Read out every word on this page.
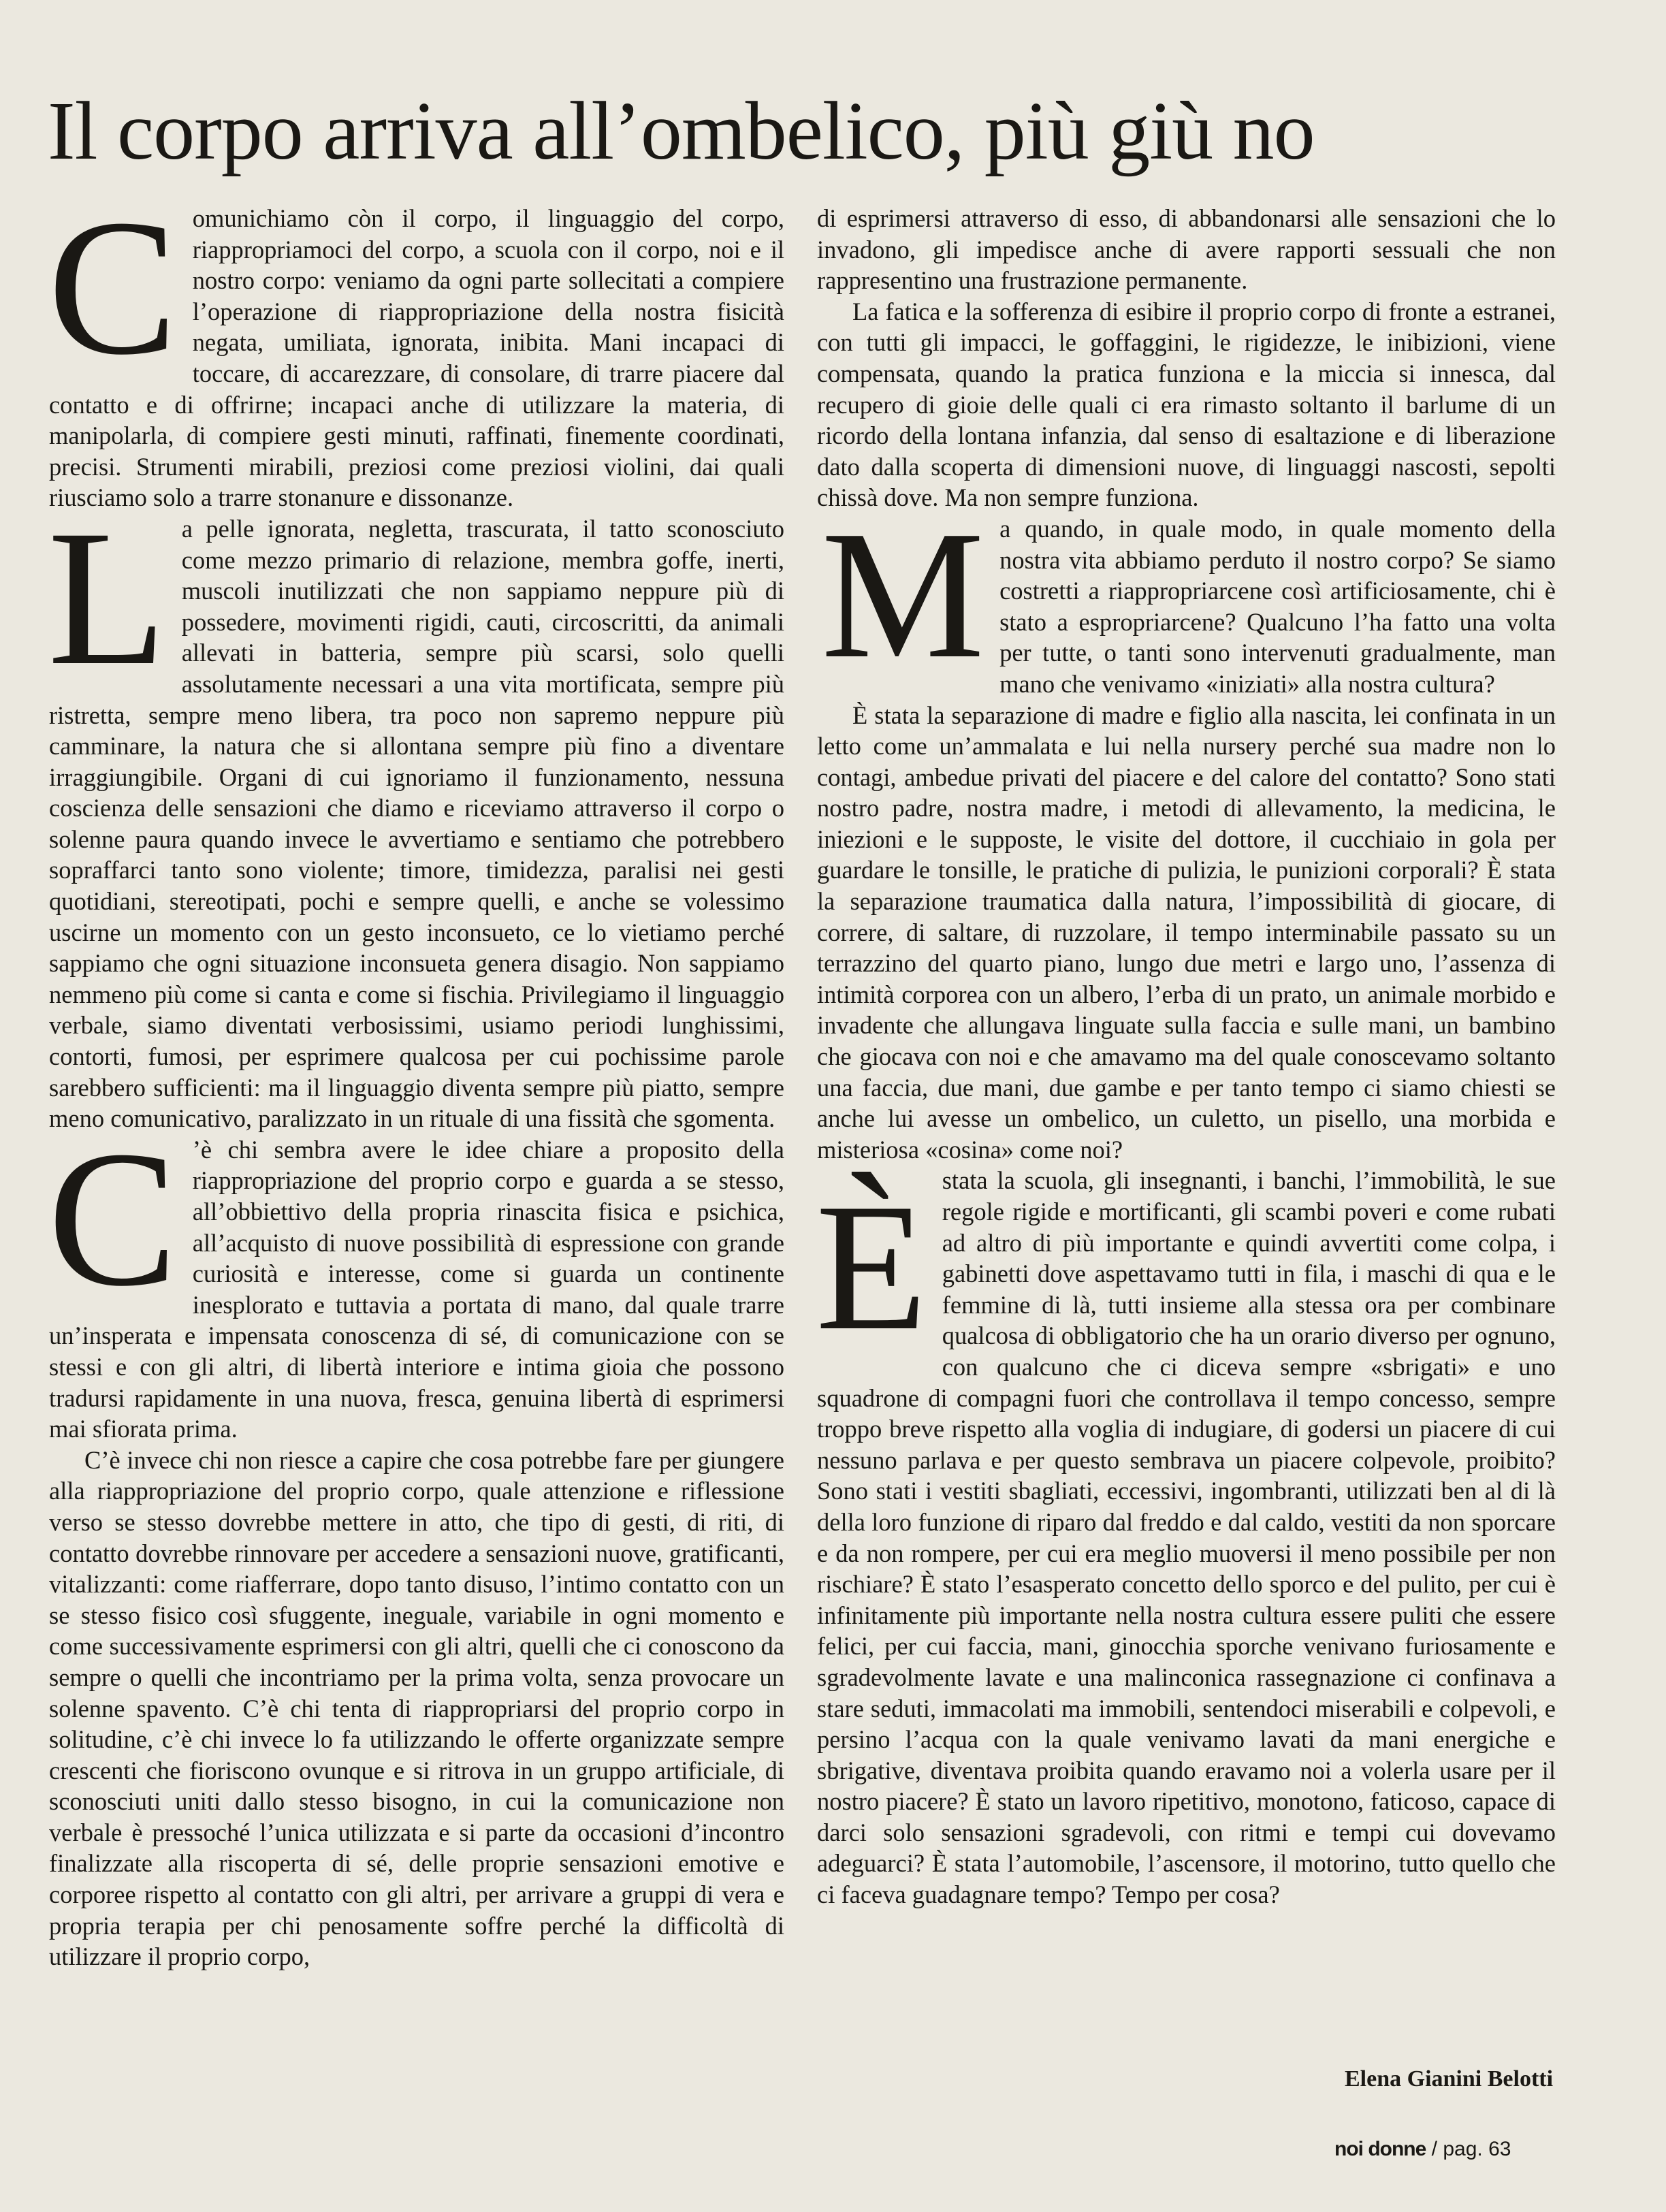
Il corpo arriva all’ombelico, più giù no

Comunichiamo còn il corpo, il linguaggio del corpo, riappropriamoci del corpo, a scuola con il corpo, noi e il nostro corpo: veniamo da ogni parte sollecitati a compiere l’operazione di riappropriazione della nostra fisicità negata, umiliata, ignorata, inibita. Mani incapaci di toccare, di accarezzare, di consolare, di trarre piacere dal contatto e di offrirne; incapaci anche di utilizzare la materia, di manipolarla, di compiere gesti minuti, raffinati, finemente coordinati, precisi. Strumenti mirabili, preziosi come preziosi violini, dai quali riusciamo solo a trarre stonanure e dissonanze.

La pelle ignorata, negletta, trascurata, il tatto sconosciuto come mezzo primario di relazione, membra goffe, inerti, muscoli inutilizzati che non sappiamo neppure più di possedere, movimenti rigidi, cauti, circoscritti, da animali allevati in batteria, sempre più scarsi, solo quelli assolutamente necessari a una vita mortificata, sempre più ristretta, sempre meno libera, tra poco non sapremo neppure più camminare, la natura che si allontana sempre più fino a diventare irraggiungibile. Organi di cui ignoriamo il funzionamento, nessuna coscienza delle sensazioni che diamo e riceviamo attraverso il corpo o solenne paura quando invece le avvertiamo e sentiamo che potrebbero sopraffarci tanto sono violente; timore, timidezza, paralisi nei gesti quotidiani, stereotipati, pochi e sempre quelli, e anche se volessimo uscirne un momento con un gesto inconsueto, ce lo vietiamo perché sappiamo che ogni situazione inconsueta genera disagio. Non sappiamo nemmeno più come si canta e come si fischia. Privilegiamo il linguaggio verbale, siamo diventati verbosissimi, usiamo periodi lunghissimi, contorti, fumosi, per esprimere qualcosa per cui pochissime parole sarebbero sufficienti: ma il linguaggio diventa sempre più piatto, sempre meno comunicativo, paralizzato in un rituale di una fissità che sgomenta.

C ’è chi sembra avere le idee chiare a proposito della riappropriazione del proprio corpo e guarda a se stesso, all’obbiettivo della propria rinascita fisica e psichica, all’acquisto di nuove possibilità di espressione con grande curiosità e interesse, come si guarda un continente inesplorato e tuttavia a portata di mano, dal quale trarre un’insperata e impensata conoscenza di sé, di comunicazione con se stessi e con gli altri, di libertà interiore e intima gioia che possono tradursi rapidamente in una nuova, fresca, genuina libertà di esprimersi mai sfiorata prima.

C’è invece chi non riesce a capire che cosa potrebbe fare per giungere alla riappropriazione del proprio corpo, quale attenzione e riflessione verso se stesso dovrebbe mettere in atto, che tipo di gesti, di riti, di contatto dovrebbe rinnovare per accedere a sensazioni nuove, gratificanti, vitalizzanti: come riafferrare, dopo tanto disuso, l’intimo contatto con un se stesso fisico così sfuggente, ineguale, variabile in ogni momento e come successivamente esprimersi con gli altri, quelli che ci conoscono da sempre o quelli che incontriamo per la prima volta, senza provocare un solenne spavento. C’è chi tenta di riappropriarsi del proprio corpo in solitudine, c’è chi invece lo fa utilizzando le offerte organizzate sempre crescenti che fioriscono ovunque e si ritrova in un gruppo artificiale, di sconosciuti uniti dallo stesso bisogno, in cui la comunicazione non verbale è pressoché l’unica utilizzata e si parte da occasioni d’incontro finalizzate alla riscoperta di sé, delle proprie sensazioni emotive e corporee rispetto al contatto con gli altri, per arrivare a gruppi di vera e propria terapia per chi penosamente soffre perché la difficoltà di utilizzare il proprio corpo,

di esprimersi attraverso di esso, di abbandonarsi alle sensazioni che lo invadono, gli impedisce anche di avere rapporti sessuali che non rappresentino una frustrazione permanente.

La fatica e la sofferenza di esibire il proprio corpo di fronte a estranei, con tutti gli impacci, le goffaggini, le rigidezze, le inibizioni, viene compensata, quando la pratica funziona e la miccia si innesca, dal recupero di gioie delle quali ci era rimasto soltanto il barlume di un ricordo della lontana infanzia, dal senso di esaltazione e di liberazione dato dalla scoperta di dimensioni nuove, di linguaggi nascosti, sepolti chissà dove. Ma non sempre funziona.

Ma quando, in quale modo, in quale momento della nostra vita abbiamo perduto il nostro corpo? Se siamo costretti a riappropriarcene così artificiosamente, chi è stato a espropriarcene? Qualcuno l’ha fatto una volta per tutte, o tanti sono intervenuti gradualmente, man mano che venivamo «iniziati» alla nostra cultura?

È stata la separazione di madre e figlio alla nascita, lei confinata in un letto come un’ammalata e lui nella nursery perché sua madre non lo contagi, ambedue privati del piacere e del calore del contatto? Sono stati nostro padre, nostra madre, i metodi di allevamento, la medicina, le iniezioni e le supposte, le visite del dottore, il cucchiaio in gola per guardare le tonsille, le pratiche di pulizia, le punizioni corporali? È stata la separazione traumatica dalla natura, l’impossibilità di giocare, di correre, di saltare, di ruzzolare, il tempo interminabile passato su un terrazzino del quarto piano, lungo due metri e largo uno, l’assenza di intimità corporea con un albero, l’erba di un prato, un animale morbido e invadente che allungava linguate sulla faccia e sulle mani, un bambino che giocava con noi e che amavamo ma del quale conoscevamo soltanto una faccia, due mani, due gambe e per tanto tempo ci siamo chiesti se anche lui avesse un ombelico, un culetto, un pisello, una morbida e misteriosa «cosina» come noi?

Èstata la scuola, gli insegnanti, i banchi, l’immobilità, le sue regole rigide e mortificanti, gli scambi poveri e come rubati ad altro di più importante e quindi avvertiti come colpa, i gabinetti dove aspettavamo tutti in fila, i maschi di qua e le femmine di là, tutti insieme alla stessa ora per combinare qualcosa di obbligatorio che ha un orario diverso per ognuno, con qualcuno che ci diceva sempre «sbrigati» e uno squadrone di compagni fuori che controllava il tempo concesso, sempre troppo breve rispetto alla voglia di indugiare, di godersi un piacere di cui nessuno parlava e per questo sembrava un piacere colpevole, proibito? Sono stati i vestiti sbagliati, eccessivi, ingombranti, utilizzati ben al di là della loro funzione di riparo dal freddo e dal caldo, vestiti da non sporcare e da non rompere, per cui era meglio muoversi il meno possibile per non rischiare? È stato l’esasperato concetto dello sporco e del pulito, per cui è infinitamente più importante nella nostra cultura essere puliti che essere felici, per cui faccia, mani, ginocchia sporche venivano furiosamente e sgradevolmente lavate e una malinconica rassegnazione ci confinava a stare seduti, immacolati ma immobili, sentendoci miserabili e colpevoli, e persino l’acqua con la quale venivamo lavati da mani energiche e sbrigative, diventava proibita quando eravamo noi a volerla usare per il nostro piacere? È stato un lavoro ripetitivo, monotono, faticoso, capace di darci solo sensazioni sgradevoli, con ritmi e tempi cui dovevamo adeguarci? È stata l’automobile, l’ascensore, il motorino, tutto quello che ci faceva guadagnare tempo? Tempo per cosa?

Elena Gianini Belotti
noi donne / pag. 63
